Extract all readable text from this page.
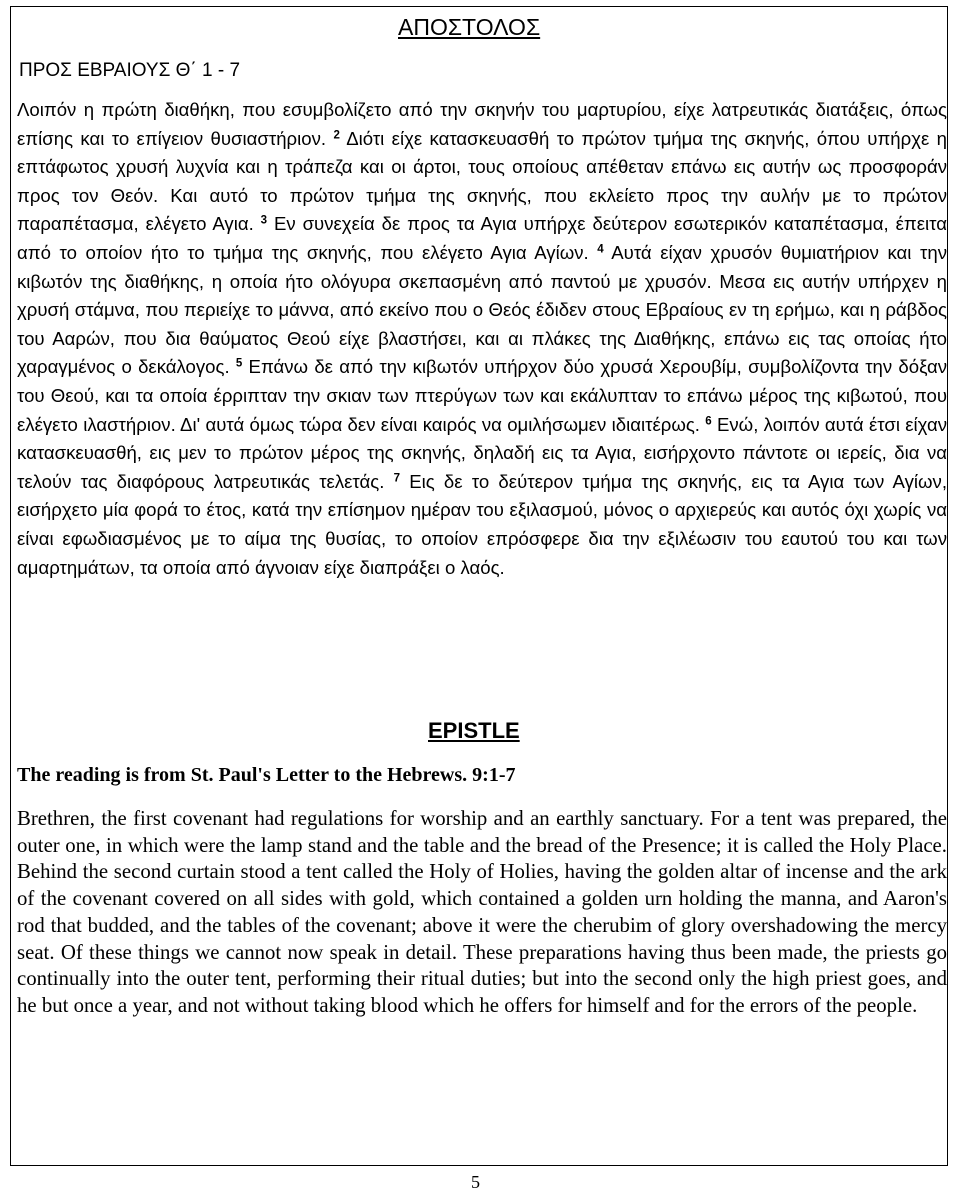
ΑΠΟΣΤΟΛΟΣ
ΠΡΟΣ ΕΒΡΑΙΟΥΣ Θ΄ 1 - 7

Λοιπόν η πρώτη διαθήκη, που εσυμβολίζετο από την σκηνήν του μαρτυρίου, είχε λατρευτικάς διατάξεις, όπως επίσης και το επίγειον θυσιαστήριον. $^2$ Διότι είχε κατασκευασθή το πρώτον τμήμα της σκηνής, όπου υπήρχε η επτάφωτος χρυσή λυχνία και η τράπεζα και οι άρτοι, τους οποίους απέθεταν επάνω εις αυτήν ως προσφοράν προς τον Θεόν. Και αυτό το πρώτον τμήμα της σκηνής, που εκλείετο προς την αυλήν με το πρώτον παραπέτασμα, ελέγετο Αγια. $^3$ Εν συνεχεία δε προς τα Αγια υπήρχε δεύτερον εσωτερικόν καταπέτασμα, έπειτα από το οποίον ήτο το τμήμα της σκηνής, που ελέγετο Αγια Αγίων. $^4$ Αυτά είχαν χρυσόν θυμιατήριον και την κιβωτόν της διαθήκης, η οποία ήτο ολόγυρα σκεπασμένη από παντού με χρυσόν. Μεσα εις αυτήν υπήρχεν η χρυσή στάμνα, που περιείχε το μάννα, από εκείνο που ο Θεός έδιδεν στους Εβραίους εν τη ερήμω, και η ράβδος του Ααρών, που δια θαύματος Θεού είχε βλαστήσει, και αι πλάκες της Διαθήκης, επάνω εις τας οποίας ήτο χαραγμένος ο δεκάλογος. $^5$ Επάνω δε από την κιβωτόν υπήρχον δύο χρυσά Χερουβίμ, συμβολίζοντα την δόξαν του Θεού, και τα οποία έρριπταν την σκιαν των πτερύγων των και εκάλυπταν το επάνω μέρος της κιβωτού, που ελέγετο ιλαστήριον. Δι' αυτά όμως τώρα δεν είναι καιρός να ομιλήσωμεν ιδιαιτέρως. $^6$ Ενώ, λοιπόν αυτά έτσι είχαν κατασκευασθή, εις μεν το πρώτον μέρος της σκηνής, δηλαδή εις τα Αγια, εισήρχοντο πάντοτε οι ιερείς, δια να τελούν τας διαφόρους λατρευτικάς τελετάς. $^7$ Εις δε το δεύτερον τμήμα της σκηνής, εις τα Αγια των Αγίων, εισήρχετο μία φορά το έτος, κατά την επίσημον ημέραν του εξιλασμού, μόνος ο αρχιερεύς και αυτός όχι χωρίς να είναι εφωδιασμένος με το αίμα της θυσίας, το οποίον επρόσφερε δια την εξιλέωσιν του εαυτού του και των αμαρτημάτων, τα οποία από άγνοιαν είχε διαπράξει ο λαός.

EPISTLE
The reading is from St. Paul's Letter to the Hebrews. 9:1-7

Brethren, the first covenant had regulations for worship and an earthly sanctuary. For a tent was prepared, the outer one, in which were the lamp stand and the table and the bread of the Presence; it is called the Holy Place. Behind the second curtain stood a tent called the Holy of Holies, having the golden altar of incense and the ark of the covenant covered on all sides with gold, which contained a golden urn holding the manna, and Aaron's rod that budded, and the tables of the covenant; above it were the cherubim of glory overshadowing the mercy seat. Of these things we cannot now speak in detail. These preparations having thus been made, the priests go continually into the outer tent, performing their ritual duties; but into the second only the high priest goes, and he but once a year, and not without taking blood which he offers for himself and for the errors of the people.

5
